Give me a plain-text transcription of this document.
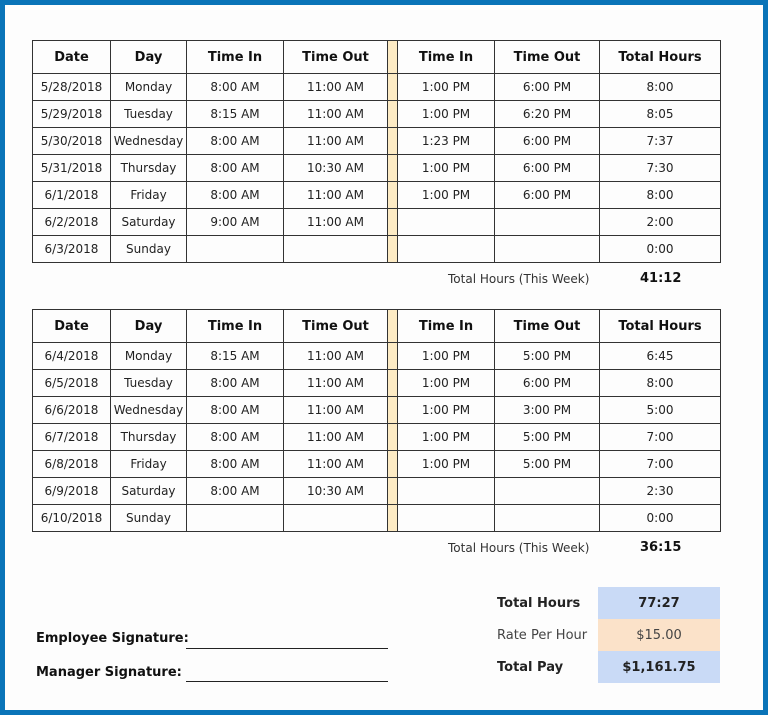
Date	Day	Time In	Time Out		Time In	Time Out	Total Hours
5/28/2018	Monday	8:00 AM	11:00 AM		1:00 PM	6:00 PM	8:00
5/29/2018	Tuesday	8:15 AM	11:00 AM		1:00 PM	6:20 PM	8:05
5/30/2018	Wednesday	8:00 AM	11:00 AM		1:23 PM	6:00 PM	7:37
5/31/2018	Thursday	8:00 AM	10:30 AM		1:00 PM	6:00 PM	7:30
6/1/2018	Friday	8:00 AM	11:00 AM		1:00 PM	6:00 PM	8:00
6/2/2018	Saturday	9:00 AM	11:00 AM				2:00
6/3/2018	Sunday						0:00
Total Hours (This Week)	41:12
Date	Day	Time In	Time Out		Time In	Time Out	Total Hours
6/4/2018	Monday	8:15 AM	11:00 AM		1:00 PM	5:00 PM	6:45
6/5/2018	Tuesday	8:00 AM	11:00 AM		1:00 PM	6:00 PM	8:00
6/6/2018	Wednesday	8:00 AM	11:00 AM		1:00 PM	3:00 PM	5:00
6/7/2018	Thursday	8:00 AM	11:00 AM		1:00 PM	5:00 PM	7:00
6/8/2018	Friday	8:00 AM	11:00 AM		1:00 PM	5:00 PM	7:00
6/9/2018	Saturday	8:00 AM	10:30 AM				2:30
6/10/2018	Sunday						0:00
Total Hours (This Week)	36:15
Employee Signature:
Manager Signature:
Total Hours	77:27
Rate Per Hour	$15.00
Total Pay	$1,161.75
